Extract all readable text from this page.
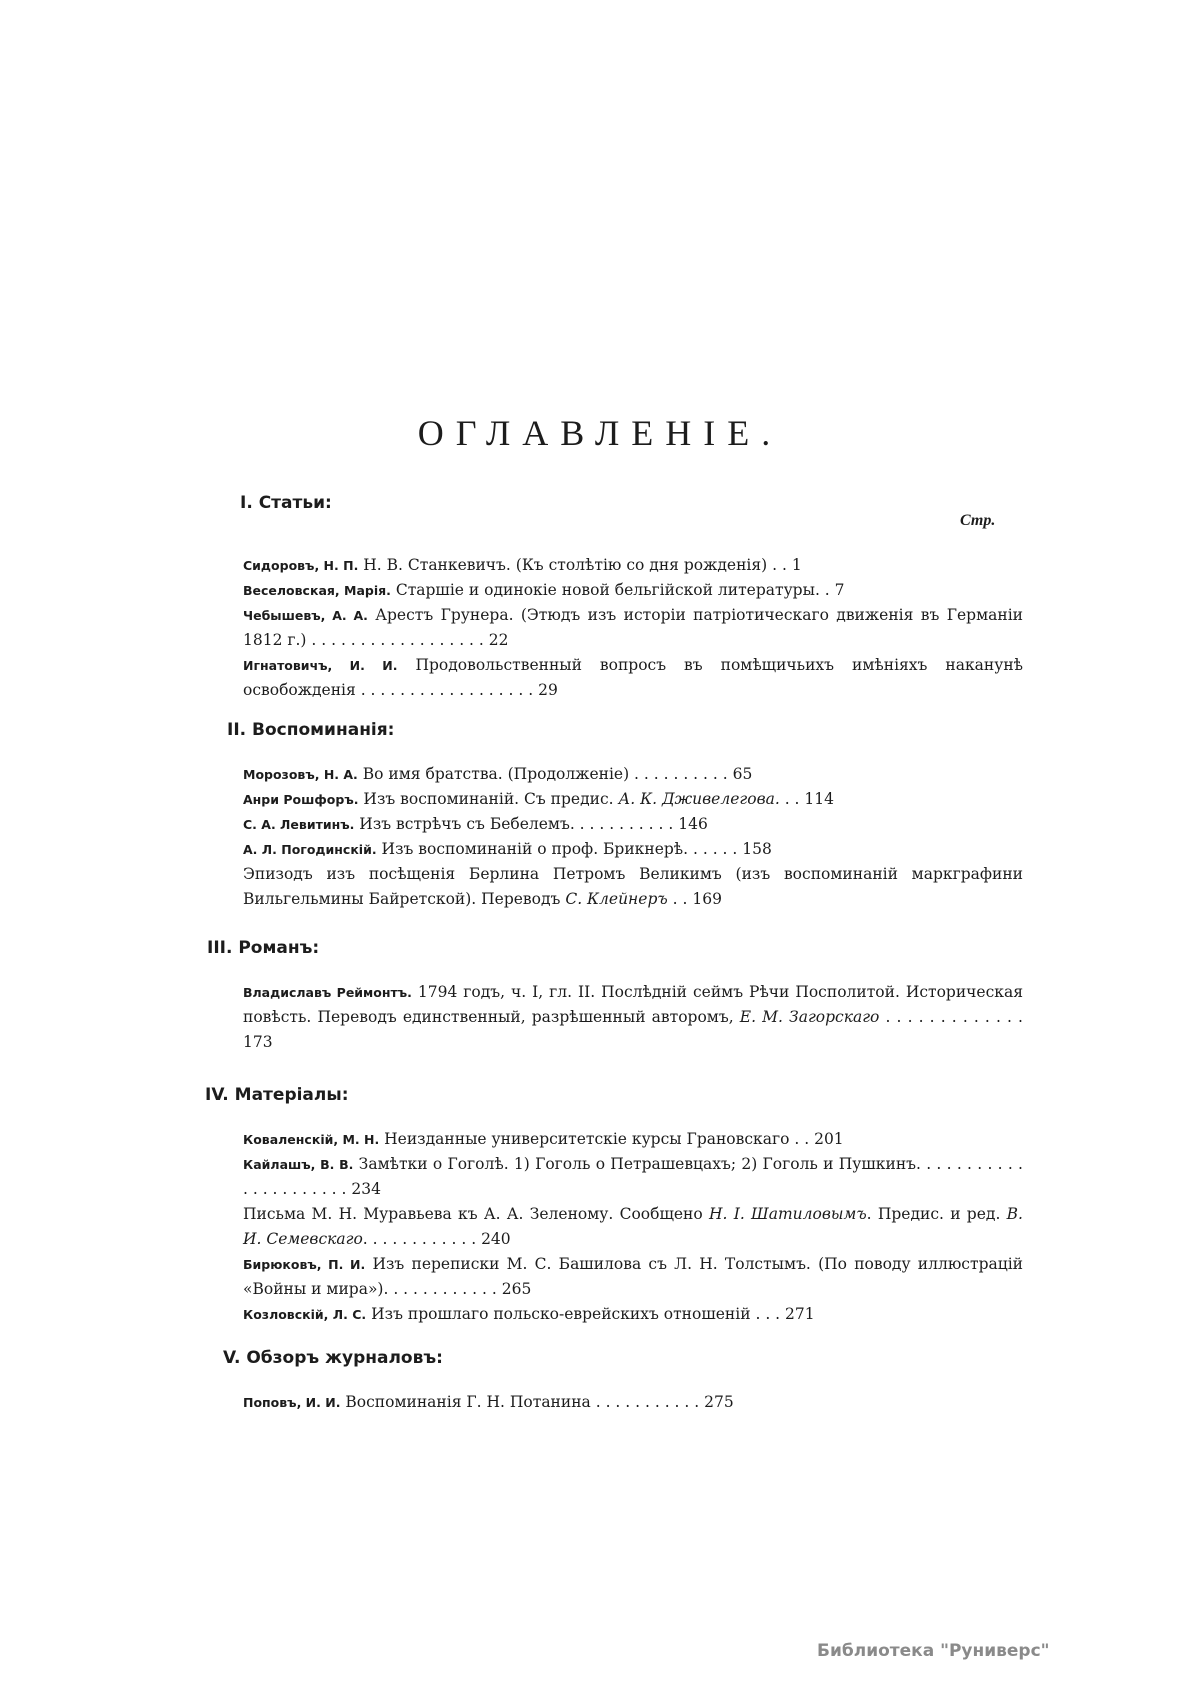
ОГЛАВЛЕНІЕ.
Стр.
I. Статьи:
Сидоровъ, Н. П. Н. В. Станкевичъ. (Къ столѣтію со дня рожденія) . . 1
Веселовская, Марія. Старшіе и одинокіе новой бельгійской литературы. . 7
Чебышевъ, А. А. Арестъ Грунера. (Этюдъ изъ исторіи патріотическаго движенія въ Германіи 1812 г.) . . . . . . . . . . . . . . . . . . 22
Игнатовичъ, И. И. Продовольственный вопросъ въ помѣщичьихъ имѣніяхъ наканунѣ освобожденія . . . . . . . . . . . . . . . . . . 29
II. Воспоминанія:
Морозовъ, Н. А. Во имя братства. (Продолженіе) . . . . . . . . . . 65
Анри Рошфоръ. Изъ воспоминаній. Съ предис. А. К. Дживелегова. . . 114
С. А. Левитинъ. Изъ встрѣчъ съ Бебелемъ. . . . . . . . . . . 146
А. Л. Погодинскій. Изъ воспоминаній о проф. Брикнерѣ. . . . . . 158
Эпизодъ изъ посѣщенія Берлина Петромъ Великимъ (изъ воспоминаній маркграфини Вильгельмины Байретской). Переводъ С. Клейнеръ . . 169
III. Романъ:
Владиславъ Реймонтъ. 1794 годъ, ч. I, гл. II. Послѣдній сеймъ Рѣчи Посполитой. Историческая повѣсть. Переводъ единственный, разрѣшенный авторомъ, Е. М. Загорскаго . . . . . . . . . . . . . 173
IV. Матеріалы:
Коваленскій, М. Н. Неизданные университетскіе курсы Грановскаго . . 201
Кайлашъ, В. В. Замѣтки о Гоголѣ. 1) Гоголь о Петрашевцахъ; 2) Гоголь и Пушкинъ. . . . . . . . . . . . . . . . . . . . . . 234
Письма М. Н. Муравьева къ А. А. Зеленому. Сообщено Н. І. Шатиловымъ. Предис. и ред. В. И. Семевскаго. . . . . . . . . . . . 240
Бирюковъ, П. И. Изъ переписки М. С. Башилова съ Л. Н. Толстымъ. (По поводу иллюстрацій «Войны и мира»). . . . . . . . . . . . 265
Козловскій, Л. С. Изъ прошлаго польско-еврейскихъ отношеній . . . 271
V. Обзоръ журналовъ:
Поповъ, И. И. Воспоминанія Г. Н. Потанина . . . . . . . . . . . 275
Библиотека "Руниверс"
